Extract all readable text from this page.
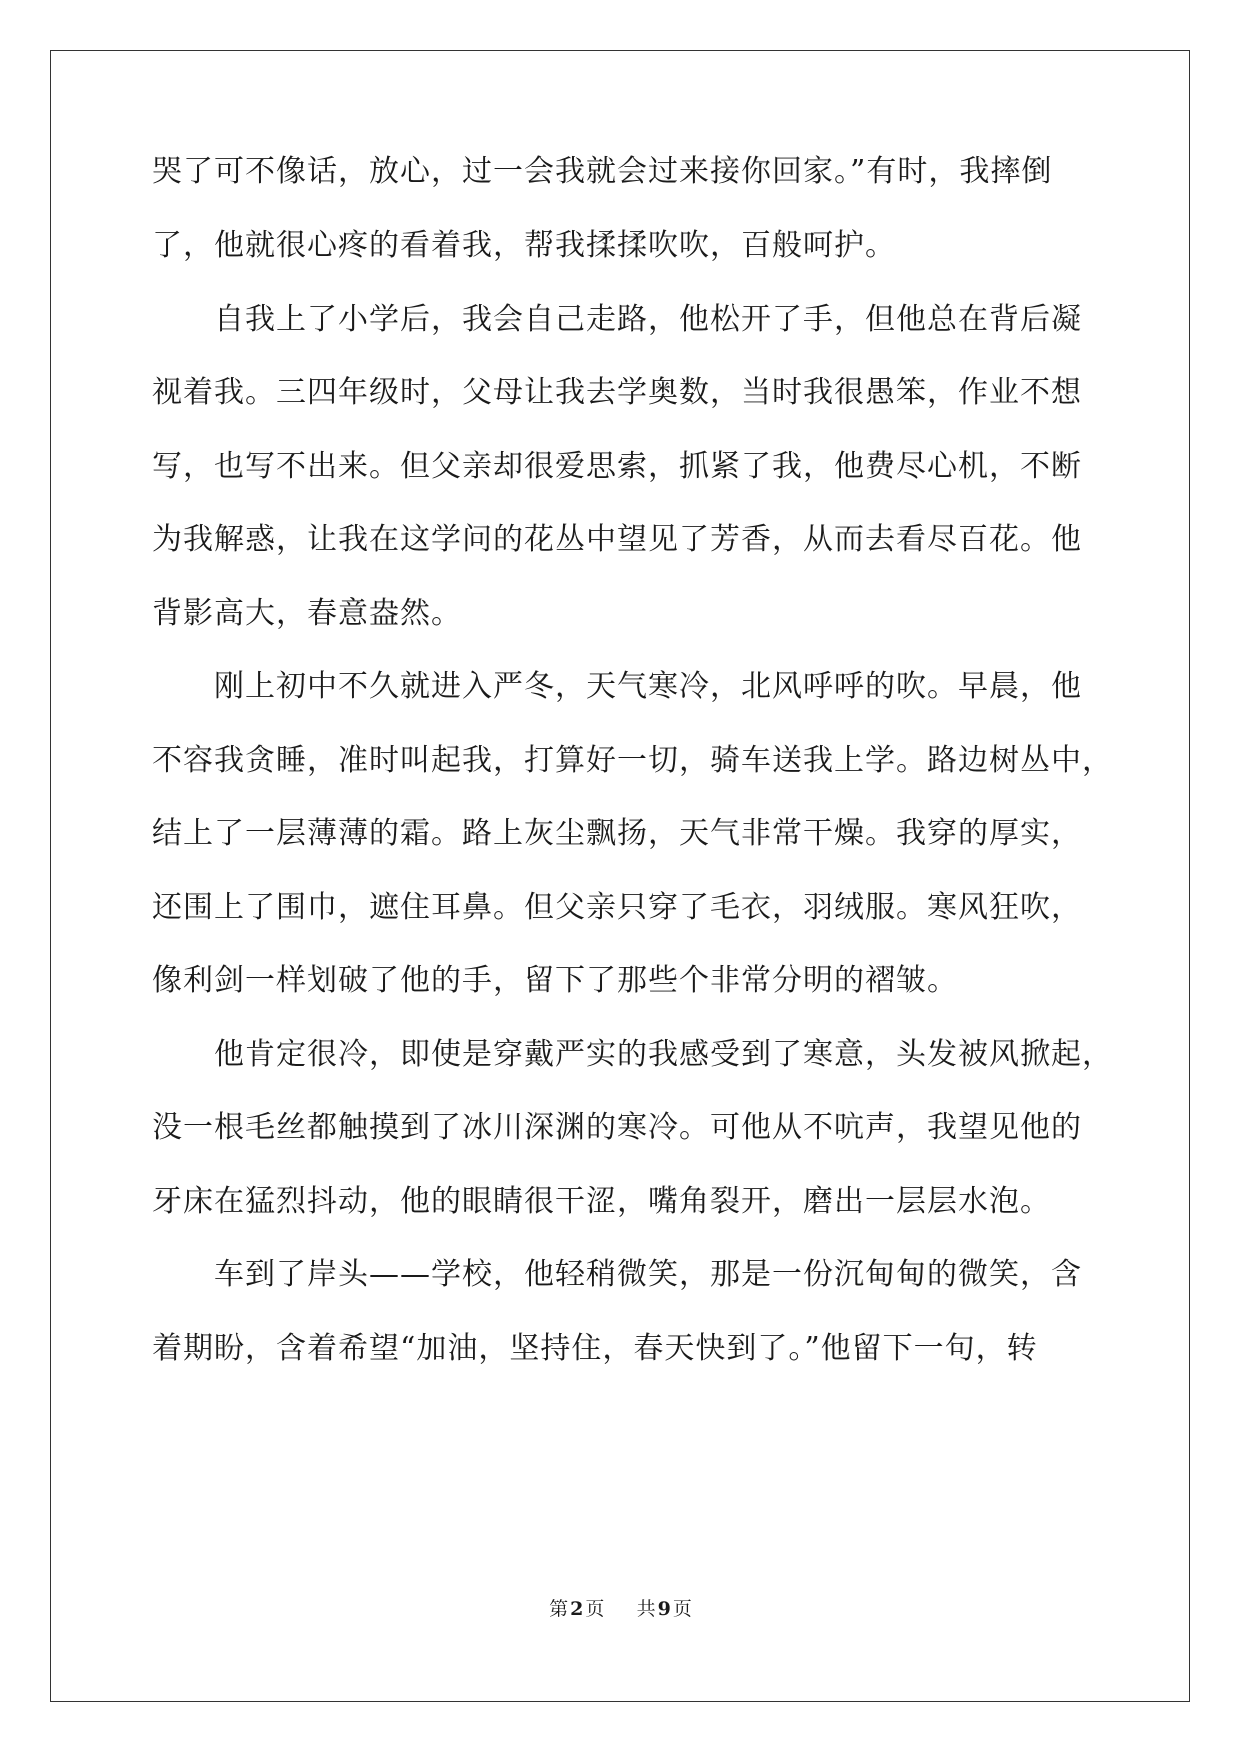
哭了可不像话，放心，过一会我就会过来接你回家。”有时，我摔倒
了，他就很心疼的看着我，帮我揉揉吹吹，百般呵护。
自我上了小学后，我会自己走路，他松开了手，但他总在背后凝
视着我。三四年级时，父母让我去学奥数，当时我很愚笨，作业不想
写，也写不出来。但父亲却很爱思索，抓紧了我，他费尽心机，不断
为我解惑，让我在这学问的花丛中望见了芳香，从而去看尽百花。他
背影高大，春意盎然。
刚上初中不久就进入严冬，天气寒冷，北风呼呼的吹。早晨，他
不容我贪睡，准时叫起我，打算好一切，骑车送我上学。路边树丛中，
结上了一层薄薄的霜。路上灰尘飘扬，天气非常干燥。我穿的厚实，
还围上了围巾，遮住耳鼻。但父亲只穿了毛衣，羽绒服。寒风狂吹，
像利剑一样划破了他的手，留下了那些个非常分明的褶皱。
他肯定很冷，即使是穿戴严实的我感受到了寒意，头发被风掀起，
没一根毛丝都触摸到了冰川深渊的寒冷。可他从不吭声，我望见他的
牙床在猛烈抖动，他的眼睛很干涩，嘴角裂开，磨出一层层水泡。
车到了岸头——学校，他轻稍微笑，那是一份沉甸甸的微笑，含
着期盼，含着希望“加油，坚持住，春天快到了。”他留下一句，转
第 2 页 共 9 页
